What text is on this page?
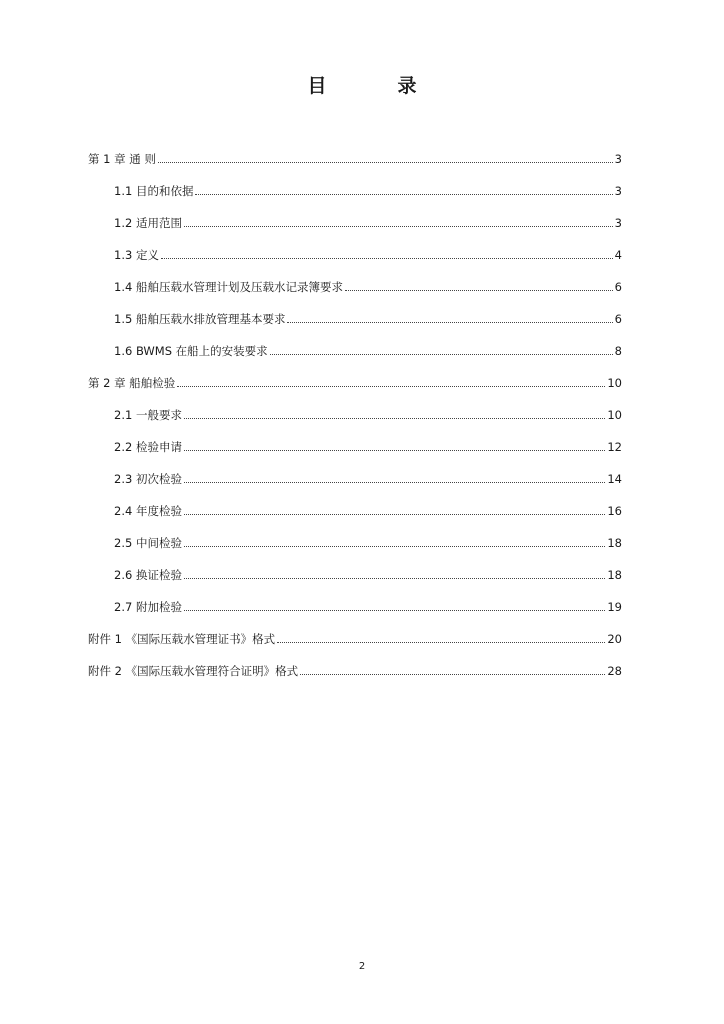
目　录
第 1 章 通 则	3
1.1 目的和依据	3
1.2 适用范围	3
1.3 定义	4
1.4 船舶压载水管理计划及压载水记录簿要求	6
1.5 船舶压载水排放管理基本要求	6
1.6 BWMS 在船上的安装要求	8
第 2 章 船舶检验	10
2.1 一般要求	10
2.2 检验申请	12
2.3 初次检验	14
2.4 年度检验	16
2.5 中间检验	18
2.6 换证检验	18
2.7 附加检验	19
附件 1 《国际压载水管理证书》格式	20
附件 2 《国际压载水管理符合证明》格式	28
2
